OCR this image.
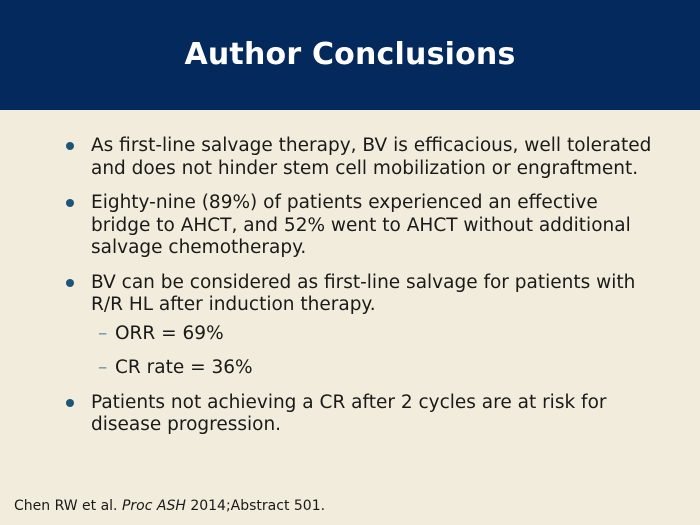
Author Conclusions
As first-line salvage therapy, BV is efficacious, well tolerated and does not hinder stem cell mobilization or engraftment.
Eighty-nine (89%) of patients experienced an effective bridge to AHCT, and 52% went to AHCT without additional salvage chemotherapy.
BV can be considered as first-line salvage for patients with R/R HL after induction therapy.
– ORR = 69%
– CR rate = 36%
Patients not achieving a CR after 2 cycles are at risk for disease progression.
Chen RW et al. Proc ASH 2014;Abstract 501.
